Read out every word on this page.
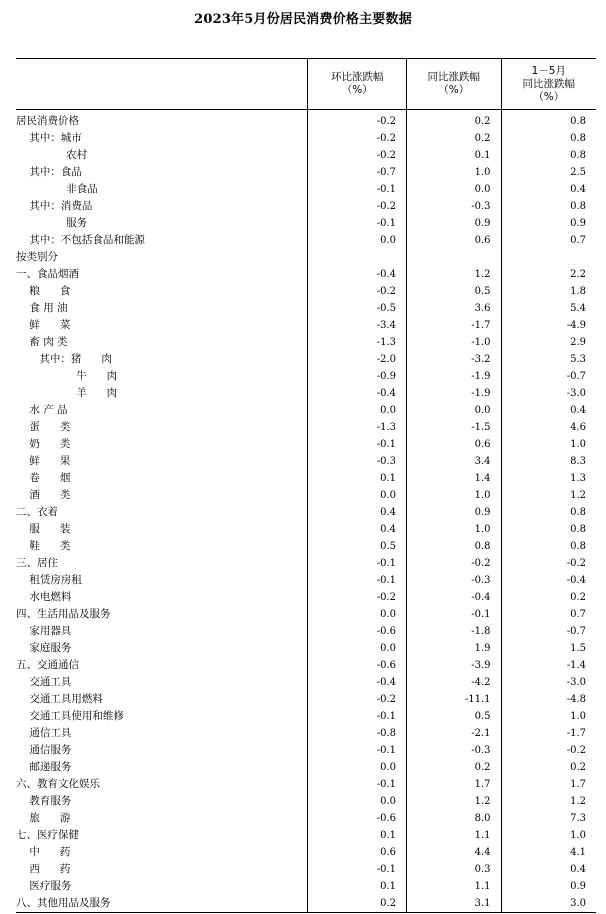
2023年5月份居民消费价格主要数据
环比涨跌幅
（%）
同比涨跌幅
（%）
1－5月
同比涨跌幅
（%）
居民消费价格
其中：城市
农村
其中：食品
非食品
其中：消费品
服务
其中：不包括食品和能源
按类别分
一、食品烟酒
粮      食
食 用 油
鲜      菜
畜 肉 类
其中：猪      肉
牛      肉
羊      肉
水 产 品
蛋      类
奶      类
鲜      果
卷      烟
酒      类
二、衣着
服      装
鞋      类
三、居住
租赁房房租
水电燃料
四、生活用品及服务
家用器具
家庭服务
五、交通通信
交通工具
交通工具用燃料
交通工具使用和维修
通信工具
通信服务
邮递服务
六、教育文化娱乐
教育服务
旅      游
七、医疗保健
中      药
西      药
医疗服务
八、其他用品及服务
-0.2
-0.2
-0.2
-0.7
-0.1
-0.2
-0.1
0.0
-0.4
-0.2
-0.5
-3.4
-1.3
-2.0
-0.9
-0.4
0.0
-1.3
-0.1
-0.3
0.1
0.0
0.4
0.4
0.5
-0.1
-0.1
-0.2
0.0
-0.6
0.0
-0.6
-0.4
-0.2
-0.1
-0.8
-0.1
0.0
-0.1
0.0
-0.6
0.1
0.6
-0.1
0.1
0.2
0.2
0.2
0.1
1.0
0.0
-0.3
0.9
0.6
1.2
0.5
3.6
-1.7
-1.0
-3.2
-1.9
-1.9
0.0
-1.5
0.6
3.4
1.4
1.0
0.9
1.0
0.8
-0.2
-0.3
-0.4
-0.1
-1.8
1.9
-3.9
-4.2
-11.1
0.5
-2.1
-0.3
0.2
1.7
1.2
8.0
1.1
4.4
0.3
1.1
3.1
0.8
0.8
0.8
2.5
0.4
0.8
0.9
0.7
2.2
1.8
5.4
-4.9
2.9
5.3
-0.7
-3.0
0.4
4.6
1.0
8.3
1.3
1.2
0.8
0.8
0.8
-0.2
-0.4
0.2
0.7
-0.7
1.5
-1.4
-3.0
-4.8
1.0
-1.7
-0.2
0.2
1.7
1.2
7.3
1.0
4.1
0.4
0.9
3.0
